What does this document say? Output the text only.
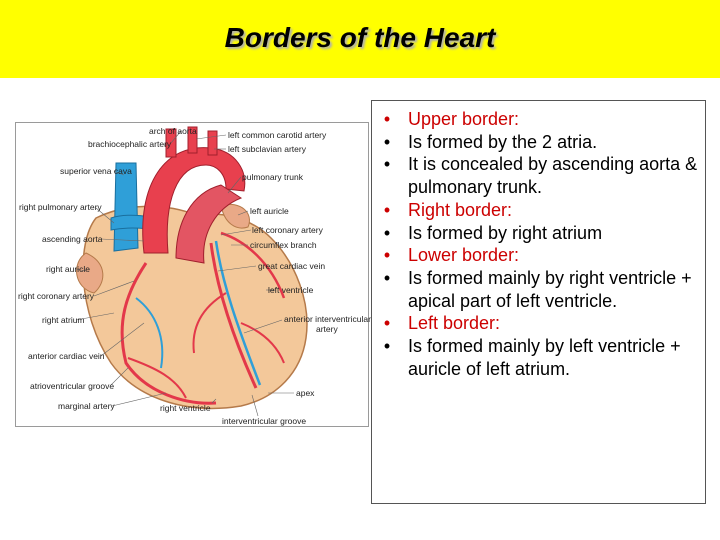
Borders of the Heart
arch of aorta
brachiocephalic artery
left common carotid artery
left subclavian artery
superior vena cava
pulmonary trunk
right pulmonary artery	left auricle
ascending aorta
left coronary artery
circumflex branch
right auricle	great cardiac vein
right coronary artery
left ventricle
right atrium	anterior interventricular
artery
anterior cardiac vein
atrioventricular groove
apex
marginal artery	right ventricle
interventricular groove
• Upper border:
• Is formed by the 2 atria.
• It is concealed by ascending aorta & pulmonary trunk.
• Right border:
• Is formed by right atrium
• Lower border:
• Is formed mainly by right ventricle + apical part of left ventricle.
• Left border:
• Is formed mainly by left ventricle + auricle of left atrium.
